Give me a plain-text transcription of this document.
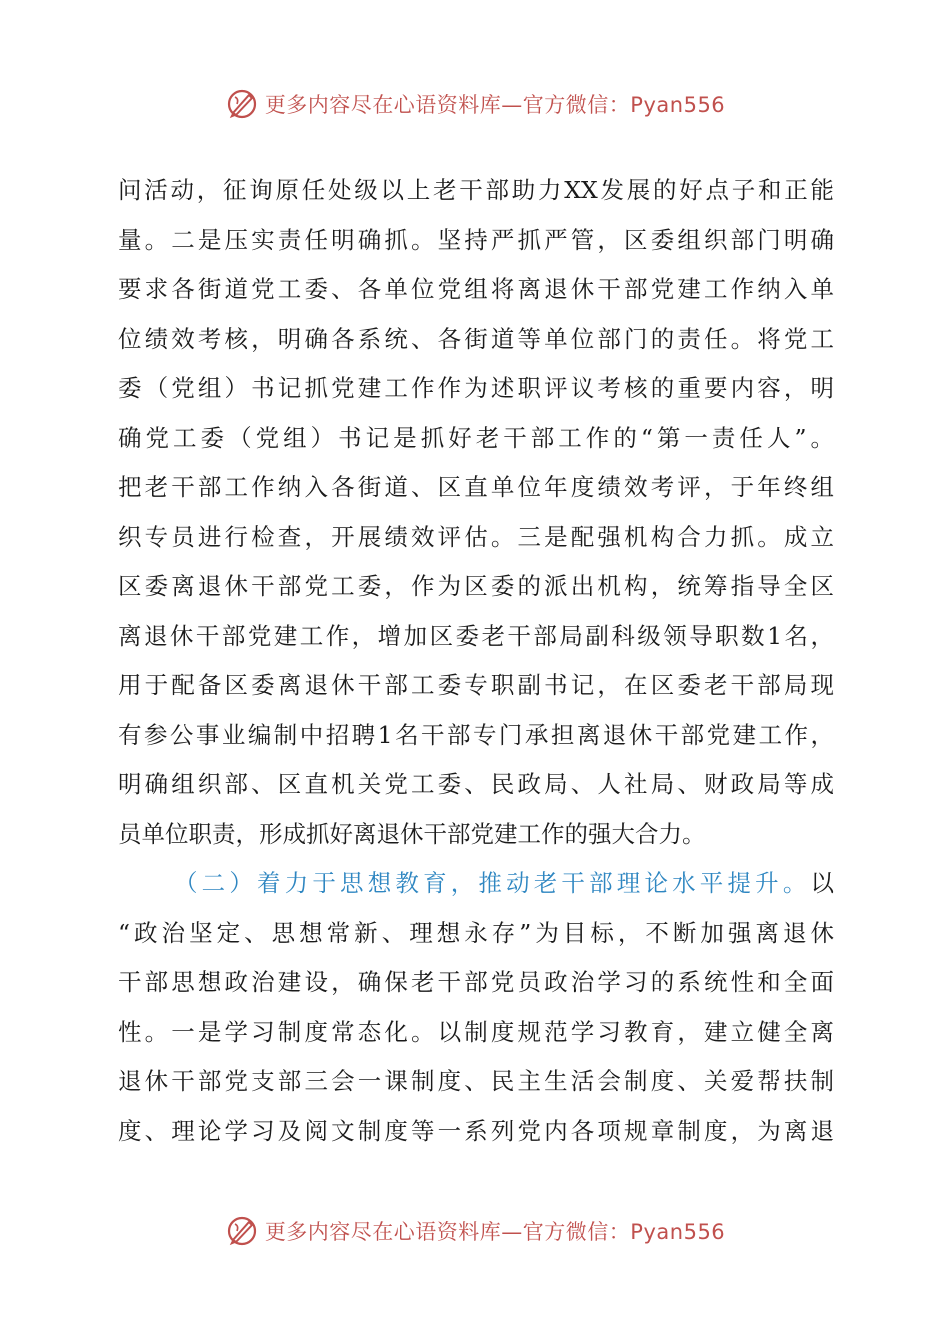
更多内容尽在心语资料库—官方微信：Pyan556
问活动，征询原任处级以上老干部助力XX发展的好点子和正能
量。二是压实责任明确抓。坚持严抓严管，区委组织部门明确
要求各街道党工委、各单位党组将离退休干部党建工作纳入单
位绩效考核，明确各系统、各街道等单位部门的责任。将党工
委（党组）书记抓党建工作作为述职评议考核的重要内容，明
确党工委（党组）书记是抓好老干部工作的“第一责任人”。
把老干部工作纳入各街道、区直单位年度绩效考评，于年终组
织专员进行检查，开展绩效评估。三是配强机构合力抓。成立
区委离退休干部党工委，作为区委的派出机构，统筹指导全区
离退休干部党建工作，增加区委老干部局副科级领导职数1名，
用于配备区委离退休干部工委专职副书记，在区委老干部局现
有参公事业编制中招聘1名干部专门承担离退休干部党建工作，
明确组织部、区直机关党工委、民政局、人社局、财政局等成
员单位职责，形成抓好离退休干部党建工作的强大合力。
（二）着力于思想教育，推动老干部理论水平提升。以
“政治坚定、思想常新、理想永存”为目标，不断加强离退休
干部思想政治建设，确保老干部党员政治学习的系统性和全面
性。一是学习制度常态化。以制度规范学习教育，建立健全离
退休干部党支部三会一课制度、民主生活会制度、关爱帮扶制
度、理论学习及阅文制度等一系列党内各项规章制度，为离退
更多内容尽在心语资料库—官方微信：Pyan556
